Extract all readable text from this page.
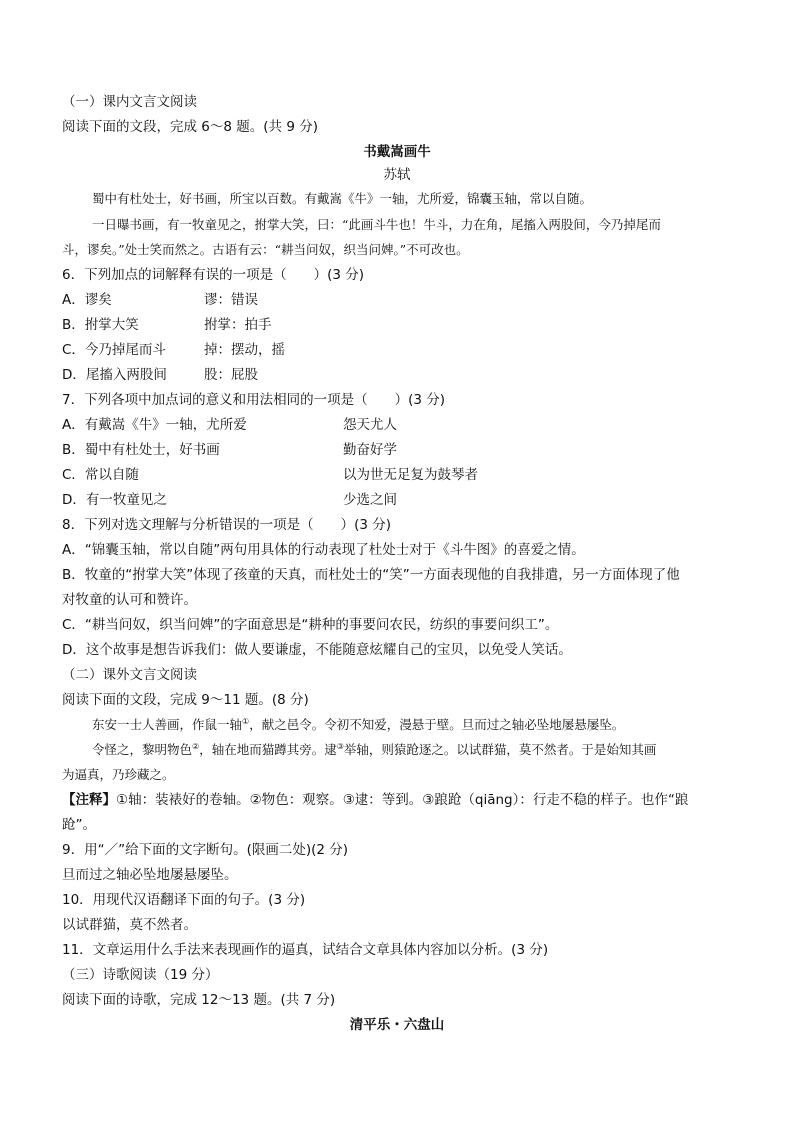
（一）课内文言文阅读
阅读下面的文段，完成 6～8 题。(共 9 分)
书戴嵩画牛
苏轼
蜀中有杜处士，好书画，所宝以百数。有戴嵩《牛》一轴，尤所爱，锦囊玉轴，常以自随。
一日曝书画，有一牧童见之，拊掌大笑，曰：“此画斗牛也！牛斗，力在角，尾搐入两股间，今乃掉尾而
斗，谬矣。”处士笑而然之。古语有云：“耕当问奴，织当问婢。”不可改也。
6．下列加点的词解释有误的一项是（　　）(3 分)
A．谬矣	谬：错误
B．拊掌大笑	拊掌：拍手
C．今乃掉尾而斗	掉：摆动，摇
D．尾搐入两股间	股：屁股
7．下列各项中加点词的意义和用法相同的一项是（　　）(3 分)
A．有戴嵩《牛》一轴，尤所爱	怨天尤人
B．蜀中有杜处士，好书画	勤奋好学
C．常以自随	以为世无足复为鼓琴者
D．有一牧童见之	少选之间
8．下列对选文理解与分析错误的一项是（　　）(3 分)
A．“锦囊玉轴，常以自随”两句用具体的行动表现了杜处士对于《斗牛图》的喜爱之情。
B．牧童的“拊掌大笑”体现了孩童的天真，而杜处士的“笑”一方面表现他的自我排遣，另一方面体现了他
对牧童的认可和赞许。
C．“耕当问奴，织当问婢”的字面意思是“耕种的事要问农民，纺织的事要问织工”。
D．这个故事是想告诉我们：做人要谦虚，不能随意炫耀自己的宝贝，以免受人笑话。
（二）课外文言文阅读
阅读下面的文段，完成 9～11 题。(8 分)
东安一士人善画，作鼠一轴①，献之邑令。令初不知爱，漫悬于壁。旦而过之轴必坠地屡悬屡坠。
令怪之，黎明物色②，轴在地而猫蹲其旁。逮③举轴，则猿跄逐之。以试群猫，莫不然者。于是始知其画
为逼真，乃珍藏之。
【注释】①轴：装裱好的卷轴。②物色：观察。③逮：等到。③踉跄（qiāng）：行走不稳的样子。也作“踉
跄”。
9．用“／”给下面的文字断句。(限画二处)(2 分)
旦而过之轴必坠地屡悬屡坠。
10．用现代汉语翻译下面的句子。(3 分)
以试群猫，莫不然者。
11．文章运用什么手法来表现画作的逼真，试结合文章具体内容加以分析。(3 分)
（三）诗歌阅读（19 分）
阅读下面的诗歌，完成 12～13 题。(共 7 分)
清平乐・六盘山
